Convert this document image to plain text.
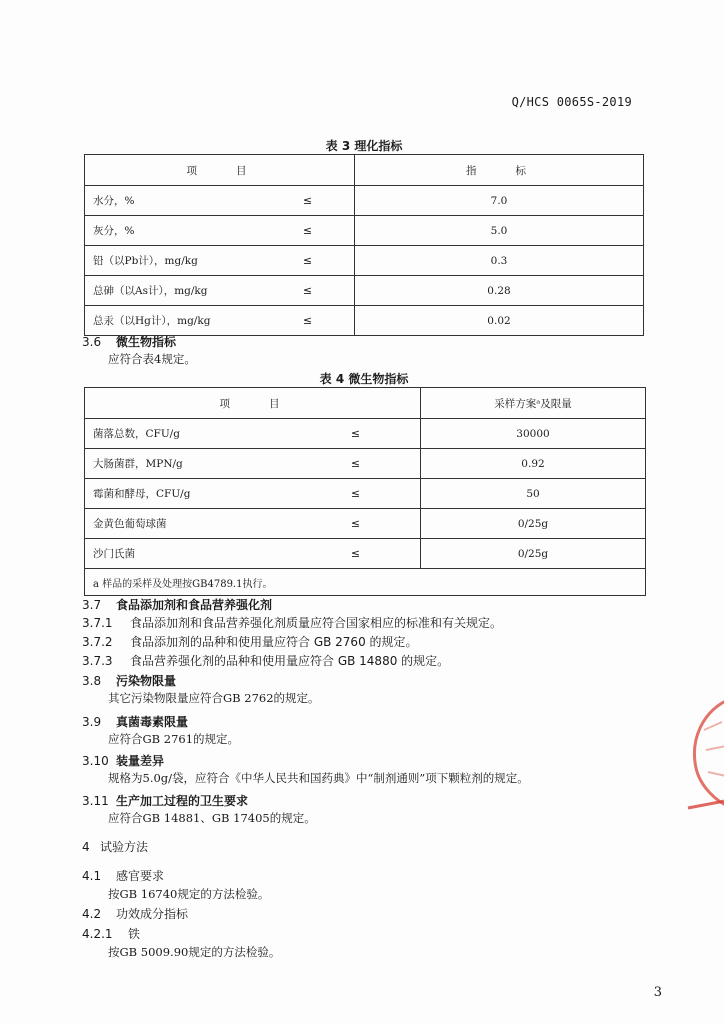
Q/HCS 0065S-2019
表 3 理化指标
项　　目		指　　标
水分，%	≤	7.0
灰分，%	≤	5.0
铅（以Pb计），mg/kg	≤	0.3
总砷（以As计），mg/kg	≤	0.28
总汞（以Hg计），mg/kg	≤	0.02
3.6 微生物指标
应符合表4规定。
表 4 微生物指标
项　　目		采样方案ᵃ及限量
菌落总数，CFU/g	≤	30000
大肠菌群，MPN/g	≤	0.92
霉菌和酵母，CFU/g	≤	50
金黄色葡萄球菌	≤	0/25g
沙门氏菌	≤	0/25g
a 样品的采样及处理按GB4789.1执行。		
3.7 食品添加剂和食品营养强化剂
3.7.1 食品添加剂和食品营养强化剂质量应符合国家相应的标准和有关规定。
3.7.2 食品添加剂的品种和使用量应符合 GB 2760 的规定。
3.7.3 食品营养强化剂的品种和使用量应符合 GB 14880 的规定。
3.8 污染物限量
其它污染物限量应符合GB 2762的规定。
3.9 真菌毒素限量
应符合GB 2761的规定。
3.10 装量差异
规格为5.0g/袋，应符合《中华人民共和国药典》中“制剂通则”项下颗粒剂的规定。
3.11 生产加工过程的卫生要求
应符合GB 14881、GB 17405的规定。
4 试验方法
4.1 感官要求
按GB 16740规定的方法检验。
4.2 功效成分指标
4.2.1 铁
按GB 5009.90规定的方法检验。
3
